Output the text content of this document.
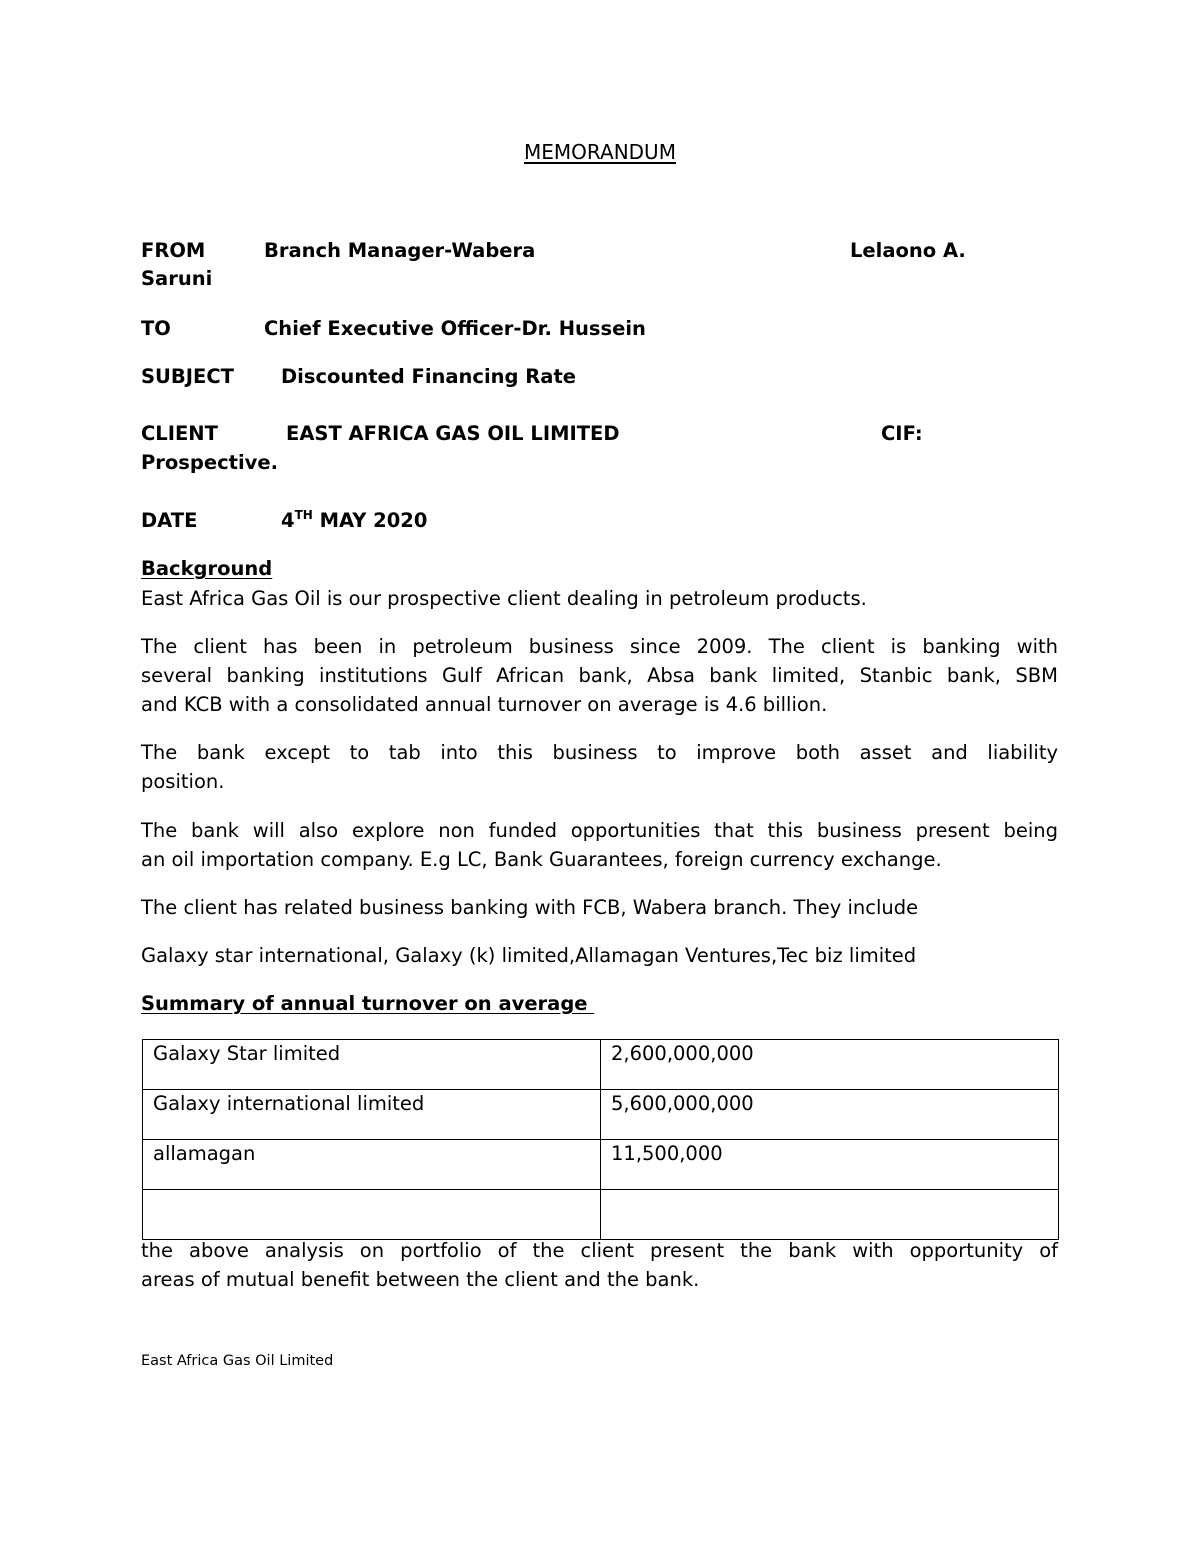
MEMORANDUM
FROM	Branch Manager-Wabera	Lelaono A.
Saruni
TO	Chief Executive Officer-Dr. Hussein
SUBJECT Discounted Financing Rate
CLIENT	EAST AFRICA GAS OIL LIMITED	CIF:
Prospective.
DATE	4TH MAY 2020
Background
East Africa Gas Oil is our prospective client dealing in petroleum products.
The client has been in petroleum business since 2009. The client is banking with
several banking institutions Gulf African bank, Absa bank limited, Stanbic bank, SBM
and KCB with a consolidated annual turnover on average is 4.6 billion.
The bank except to tab into this business to improve both asset and liability
position.
The bank will also explore non funded opportunities that this business present being
an oil importation company. E.g LC, Bank Guarantees, foreign currency exchange.
The client has related business banking with FCB, Wabera branch. They include
Galaxy star international, Galaxy (k) limited,Allamagan Ventures,Tec biz limited
Summary of annual turnover on average
Galaxy Star limited	2,600,000,000
Galaxy international limited	5,600,000,000
allamagan	11,500,000

the above analysis on portfolio of the client present the bank with opportunity of
areas of mutual benefit between the client and the bank.
East Africa Gas Oil Limited
